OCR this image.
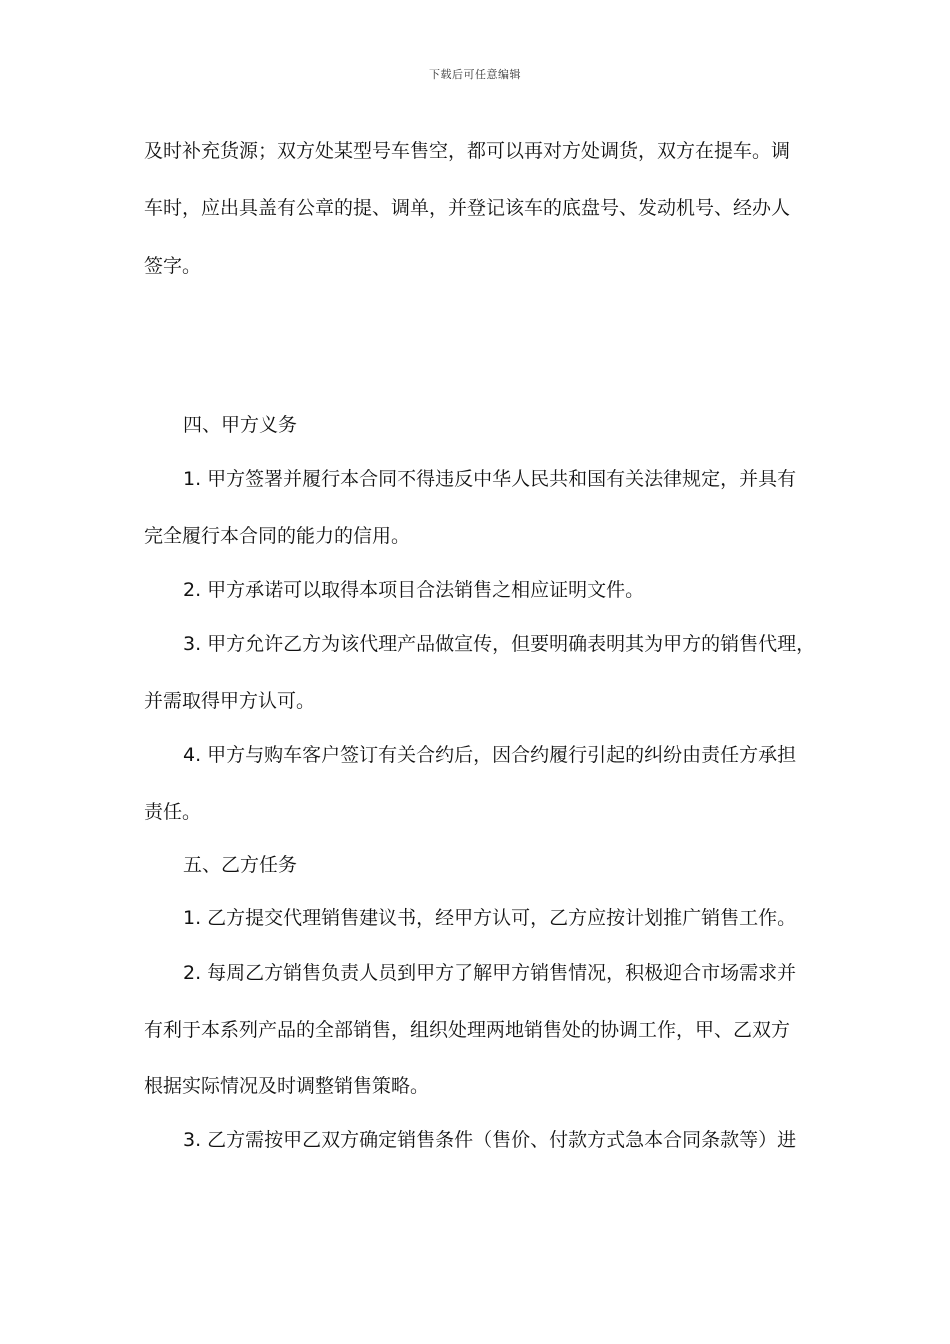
下载后可任意编辑
及时补充货源；双方处某型号车售空，都可以再对方处调货，双方在提车。调
车时，应出具盖有公章的提、调单，并登记该车的底盘号、发动机号、经办人
签字。
四、甲方义务
1. 甲方签署并履行本合同不得违反中华人民共和国有关法律规定，并具有
完全履行本合同的能力的信用。
2. 甲方承诺可以取得本项目合法销售之相应证明文件。
3. 甲方允许乙方为该代理产品做宣传，但要明确表明其为甲方的销售代理，
并需取得甲方认可。
4. 甲方与购车客户签订有关合约后，因合约履行引起的纠纷由责任方承担
责任。
五、乙方任务
1. 乙方提交代理销售建议书，经甲方认可，乙方应按计划推广销售工作。
2. 每周乙方销售负责人员到甲方了解甲方销售情况，积极迎合市场需求并
有利于本系列产品的全部销售，组织处理两地销售处的协调工作，甲、乙双方
根据实际情况及时调整销售策略。
3. 乙方需按甲乙双方确定销售条件（售价、付款方式急本合同条款等）进
